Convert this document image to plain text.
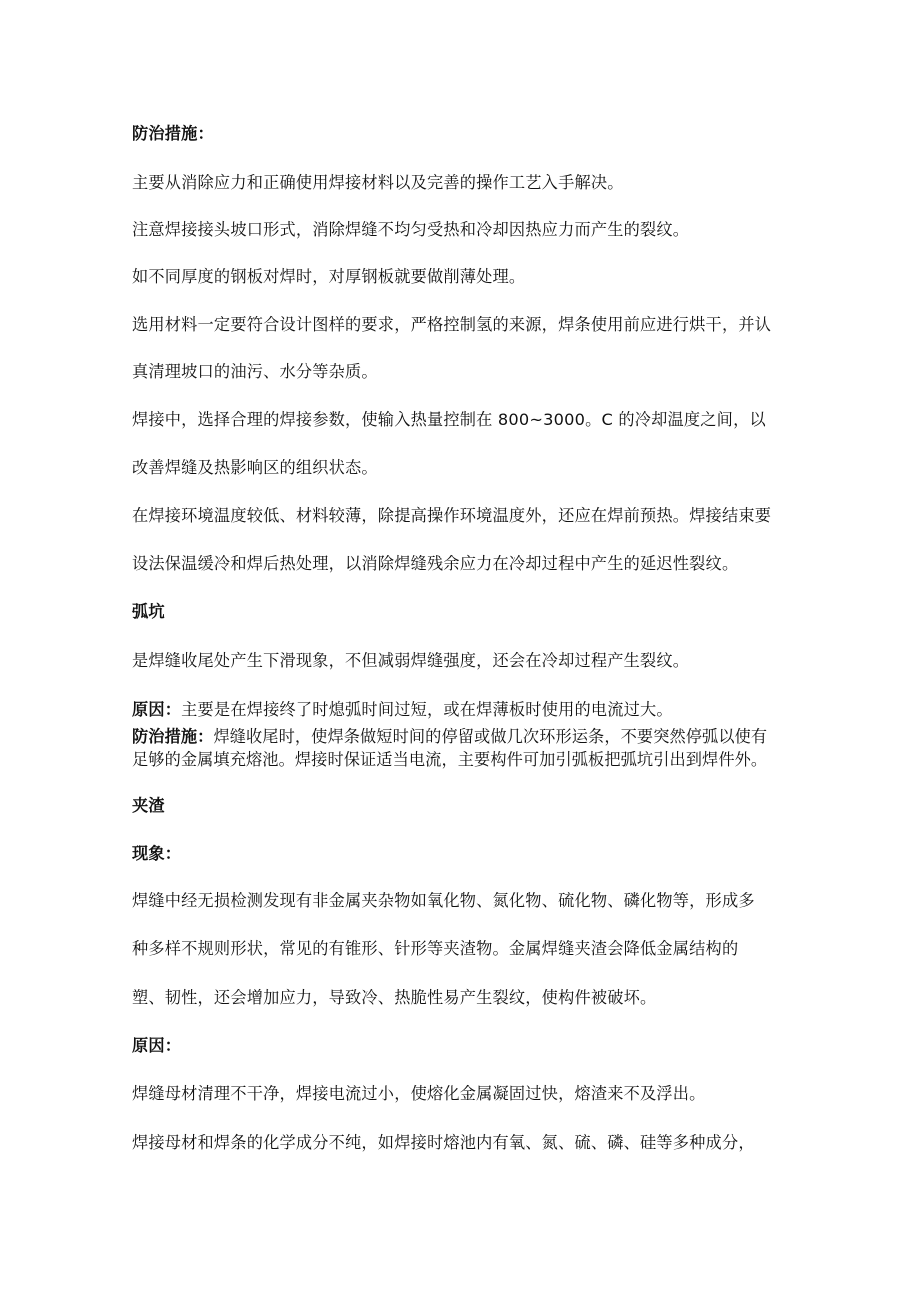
防治措施：
主要从消除应力和正确使用焊接材料以及完善的操作工艺入手解决。
注意焊接接头坡口形式，消除焊缝不均匀受热和冷却因热应力而产生的裂纹。
如不同厚度的钢板对焊时，对厚钢板就要做削薄处理。
选用材料一定要符合设计图样的要求，严格控制氢的来源，焊条使用前应进行烘干，并认
真清理坡口的油污、水分等杂质。
焊接中，选择合理的焊接参数，使输入热量控制在 800~3000。C 的冷却温度之间，以
改善焊缝及热影响区的组织状态。
在焊接环境温度较低、材料较薄，除提高操作环境温度外，还应在焊前预热。焊接结束要
设法保温缓冷和焊后热处理，以消除焊缝残余应力在冷却过程中产生的延迟性裂纹。
弧坑
是焊缝收尾处产生下滑现象，不但减弱焊缝强度，还会在冷却过程产生裂纹。
原因：主要是在焊接终了时熄弧时间过短，或在焊薄板时使用的电流过大。
防治措施：焊缝收尾时，使焊条做短时间的停留或做几次环形运条，不要突然停弧以使有
足够的金属填充熔池。焊接时保证适当电流，主要构件可加引弧板把弧坑引出到焊件外。
夹渣
现象：
焊缝中经无损检测发现有非金属夹杂物如氧化物、氮化物、硫化物、磷化物等，形成多
种多样不规则形状，常见的有锥形、针形等夹渣物。金属焊缝夹渣会降低金属结构的
塑、韧性，还会增加应力，导致冷、热脆性易产生裂纹，使构件被破坏。
原因：
焊缝母材清理不干净，焊接电流过小，使熔化金属凝固过快，熔渣来不及浮出。
焊接母材和焊条的化学成分不纯，如焊接时熔池内有氧、氮、硫、磷、硅等多种成分，
